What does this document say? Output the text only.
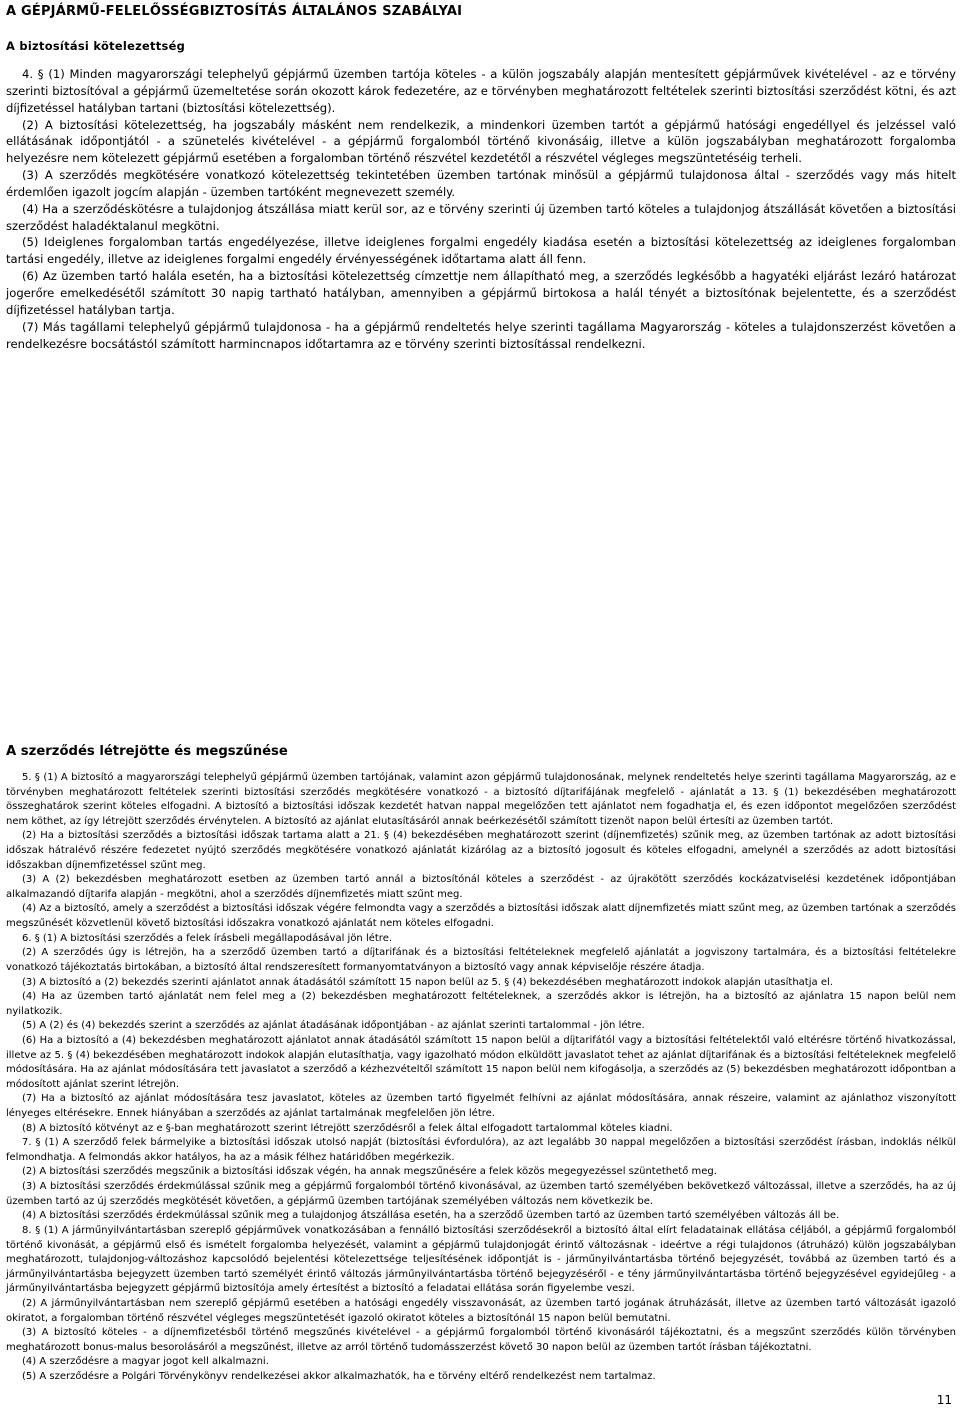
A GÉPJÁRMŰ-FELELŐSSÉGBIZTOSÍTÁS ÁLTALÁNOS SZABÁLYAI
A biztosítási kötelezettség

4. § (1) Minden magyarországi telephelyű gépjármű üzemben tartója köteles - a külön jogszabály alapján mentesített gépjárművek kivételével - az e törvény szerinti biztosítóval a gépjármű üzemeltetése során okozott károk fedezetére, az e törvényben meghatározott feltételek szerinti biztosítási szerződést kötni, és azt díjfizetéssel hatályban tartani (biztosítási kötelezettség).

(2) A biztosítási kötelezettség, ha jogszabály másként nem rendelkezik, a mindenkori üzemben tartót a gépjármű hatósági engedéllyel és jelzéssel való ellátásának időpontjától - a szünetelés kivételével - a gépjármű forgalomból történő kivonásáig, illetve a külön jogszabályban meghatározott forgalomba helyezésre nem kötelezett gépjármű esetében a forgalomban történő részvétel kezdetétől a részvétel végleges megszüntetéséig terheli.

(3) A szerződés megkötésére vonatkozó kötelezettség tekintetében üzemben tartónak minősül a gépjármű tulajdonosa által - szerződés vagy más hitelt érdemlően igazolt jogcím alapján - üzemben tartóként megnevezett személy.

(4) Ha a szerződéskötésre a tulajdonjog átszállása miatt kerül sor, az e törvény szerinti új üzemben tartó köteles a tulajdonjog átszállását követően a biztosítási szerződést haladéktalanul megkötni.

(5) Ideiglenes forgalomban tartás engedélyezése, illetve ideiglenes forgalmi engedély kiadása esetén a biztosítási kötelezettség az ideiglenes forgalomban tartási engedély, illetve az ideiglenes forgalmi engedély érvényességének időtartama alatt áll fenn.

(6) Az üzemben tartó halála esetén, ha a biztosítási kötelezettség címzettje nem állapítható meg, a szerződés legkésőbb a hagyatéki eljárást lezáró határozat jogerőre emelkedésétől számított 30 napig tartható hatályban, amennyiben a gépjármű birtokosa a halál tényét a biztosítónak bejelentette, és a szerződést díjfizetéssel hatályban tartja.

(7) Más tagállami telephelyű gépjármű tulajdonosa - ha a gépjármű rendeltetés helye szerinti tagállama Magyarország - köteles a tulajdonszerzést követően a rendelkezésre bocsátástól számított harmincnapos időtartamra az e törvény szerinti biztosítással rendelkezni.

A szerződés létrejötte és megszűnése

5. § (1) A biztosító a magyarországi telephelyű gépjármű üzemben tartójának, valamint azon gépjármű tulajdonosának, melynek rendeltetés helye szerinti tagállama Magyarország, az e törvényben meghatározott feltételek szerinti biztosítási szerződés megkötésére vonatkozó - a biztosító díjtarifájának megfelelő - ajánlatát a 13. § (1) bekezdésében meghatározott összeghatárok szerint köteles elfogadni. A biztosító a biztosítási időszak kezdetét hatvan nappal megelőzően tett ajánlatot nem fogadhatja el, és ezen időpontot megelőzően szerződést nem köthet, az így létrejött szerződés érvénytelen. A biztosító az ajánlat elutasításáról annak beérkezésétől számított tizenöt napon belül értesíti az üzemben tartót.

(2) Ha a biztosítási szerződés a biztosítási időszak tartama alatt a 21. § (4) bekezdésében meghatározott szerint (díjnemfizetés) szűnik meg, az üzemben tartónak az adott biztosítási időszak hátralévő részére fedezetet nyújtó szerződés megkötésére vonatkozó ajánlatát kizárólag az a biztosító jogosult és köteles elfogadni, amelynél a szerződés az adott biztosítási időszakban díjnemfizetéssel szűnt meg.

(3) A (2) bekezdésben meghatározott esetben az üzemben tartó annál a biztosítónál köteles a szerződést - az újrakötött szerződés kockázatviselési kezdetének időpontjában alkalmazandó díjtarifa alapján - megkötni, ahol a szerződés díjnemfizetés miatt szűnt meg.

(4) Az a biztosító, amely a szerződést a biztosítási időszak végére felmondta vagy a szerződés a biztosítási időszak alatt díjnemfizetés miatt szűnt meg, az üzemben tartónak a szerződés megszűnését közvetlenül követő biztosítási időszakra vonatkozó ajánlatát nem köteles elfogadni.

6. § (1) A biztosítási szerződés a felek írásbeli megállapodásával jön létre.

(2) A szerződés úgy is létrejön, ha a szerződő üzemben tartó a díjtarifának és a biztosítási feltételeknek megfelelő ajánlatát a jogviszony tartalmára, és a biztosítási feltételekre vonatkozó tájékoztatás birtokában, a biztosító által rendszeresített formanyomtatványon a biztosító vagy annak képviselője részére átadja.

(3) A biztosító a (2) bekezdés szerinti ajánlatot annak átadásától számított 15 napon belül az 5. § (4) bekezdésében meghatározott indokok alapján utasíthatja el.

(4) Ha az üzemben tartó ajánlatát nem felel meg a (2) bekezdésben meghatározott feltételeknek, a szerződés akkor is létrejön, ha a biztosító az ajánlatra 15 napon belül nem nyilatkozik.

(5) A (2) és (4) bekezdés szerint a szerződés az ajánlat átadásának időpontjában - az ajánlat szerinti tartalommal - jön létre.

(6) Ha a biztosító a (4) bekezdésben meghatározott ajánlatot annak átadásától számított 15 napon belül a díjtarifától vagy a biztosítási feltételektől való eltérésre történő hivatkozással, illetve az 5. § (4) bekezdésében meghatározott indokok alapján elutasíthatja, vagy igazolható módon elküldött javaslatot tehet az ajánlat díjtarifának és a biztosítási feltételeknek megfelelő módosítására. Ha az ajánlat módosítására tett javaslatot a szerződő a kézhezvételtől számított 15 napon belül nem kifogásolja, a szerződés az (5) bekezdésben meghatározott időpontban a módosított ajánlat szerint létrejön.

(7) Ha a biztosító az ajánlat módosítására tesz javaslatot, köteles az üzemben tartó figyelmét felhívni az ajánlat módosítására, annak részeire, valamint az ajánlathoz viszonyított lényeges eltérésekre. Ennek hiányában a szerződés az ajánlat tartalmának megfelelően jön létre.

(8) A biztosító kötvényt az e §-ban meghatározott szerint létrejött szerződésről a felek által elfogadott tartalommal köteles kiadni.

7. § (1) A szerződő felek bármelyike a biztosítási időszak utolsó napját (biztosítási évfordulóra), az azt legalább 30 nappal megelőzően a biztosítási szerződést írásban, indoklás nélkül felmondhatja. A felmondás akkor hatályos, ha az a másik félhez határidőben megérkezik.

(2) A biztosítási szerződés megszűnik a biztosítási időszak végén, ha annak megszűnésére a felek közös megegyezéssel szüntethető meg.

(3) A biztosítási szerződés érdekmúlással szűnik meg a gépjármű forgalomból történő kivonásával, az üzemben tartó személyében bekövetkező változással, illetve a szerződés, ha az új üzemben tartó az új szerződés megkötését követően, a gépjármű üzemben tartójának személyében változás nem következik be.

(4) A biztosítási szerződés érdekmúlással szűnik meg a tulajdonjog átszállása esetén, ha a szerződő üzemben tartó az üzemben tartó személyében változás áll be.

8. § (1) A járműnyilvántartásban szereplő gépjárművek vonatkozásában a fennálló biztosítási szerződésekről a biztosító által elírt feladatainak ellátása céljából, a gépjármű forgalomból történő kivonását, a gépjármű első és ismételt forgalomba helyezését, valamint a gépjármű tulajdonjogát érintő változásnak - ideértve a régi tulajdonos (átruházó) külön jogszabályban meghatározott, tulajdonjog-változáshoz kapcsolódó bejelentési kötelezettsége teljesítésének időpontját is - járműnyilvántartásba történő bejegyzését, továbbá az üzemben tartó és a járműnyilvántartásba bejegyzett üzemben tartó személyét érintő változás járműnyilvántartásba történő bejegyzéséről - e tény járműnyilvántartásba történő bejegyzésével egyidejűleg - a járműnyilvántartásba bejegyzett gépjármű biztosítója amely értesítést a biztosító a feladatai ellátása során figyelembe veszi.

(2) A járműnyilvántartásban nem szereplő gépjármű esetében a hatósági engedély visszavonását, az üzemben tartó jogának átruházását, illetve az üzemben tartó változását igazoló okiratot, a forgalomban történő részvétel végleges megszüntetését igazoló okiratot köteles a biztosítónál 15 napon belül bemutatni.

(3) A biztosító köteles - a díjnemfizetésből történő megszűnés kivételével - a gépjármű forgalomból történő kivonásáról tájékoztatni, és a megszűnt szerződés külön törvényben meghatározott bonus-malus besorolásáról a megszűnést, illetve az arról történő tudomásszerzést követő 30 napon belül az üzemben tartót írásban tájékoztatni.

(4) A szerződésre a magyar jogot kell alkalmazni.

(5) A szerződésre a Polgári Törvénykönyv rendelkezései akkor alkalmazhatók, ha e törvény eltérő rendelkezést nem tartalmaz.

11
